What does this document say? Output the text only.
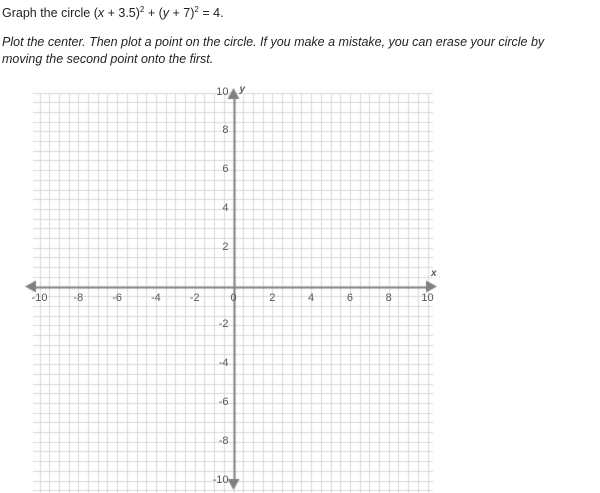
Graph the circle $(x + 3.5)^2 + (y + 7)^2 = 4$.
Plot the center. Then plot a point on the circle. If you make a mistake, you can erase your circle by moving the second point onto the first.
-10	-8	-6	-4	-2	0	2	4	6	8	10
10
8
6
4
2
-2
-4
-6
-8
-10
x
y
